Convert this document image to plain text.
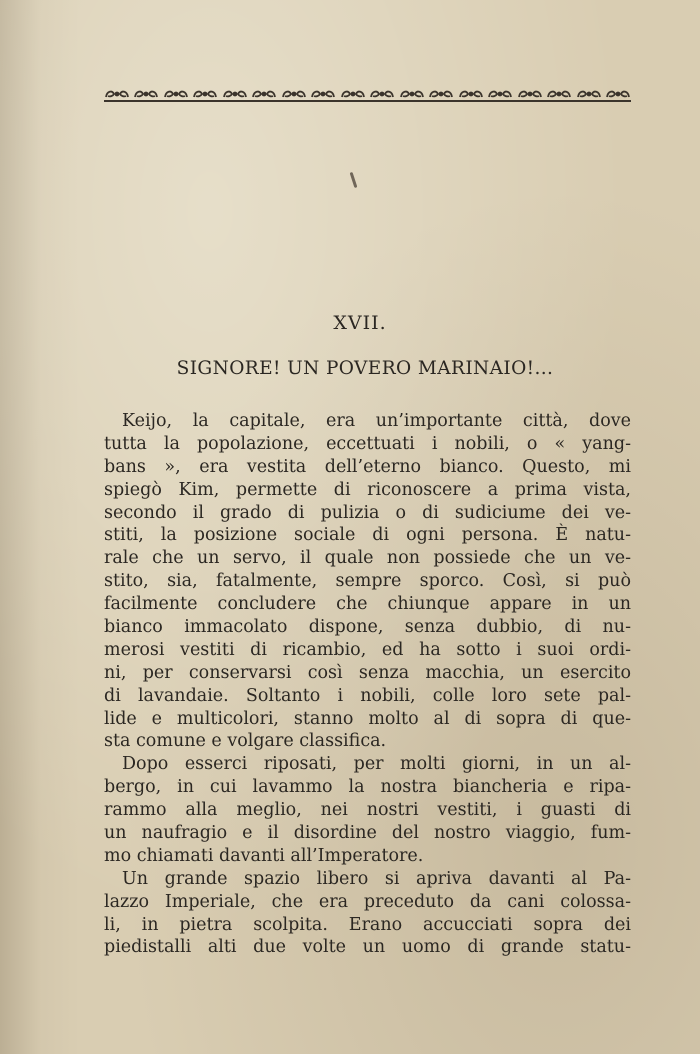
XVII.
SIGNORE! UN POVERO MARINAIO!...
Keijo, la capitale, era un’importante città, dove
tutta la popolazione, eccettuati i nobili, o « yang-
bans », era vestita dell’eterno bianco. Questo, mi
spiegò Kim, permette di riconoscere a prima vista,
secondo il grado di pulizia o di sudiciume dei ve-
stiti, la posizione sociale di ogni persona. È natu-
rale che un servo, il quale non possiede che un ve-
stito, sia, fatalmente, sempre sporco. Così, si può
facilmente concludere che chiunque appare in un
bianco immacolato dispone, senza dubbio, di nu-
merosi vestiti di ricambio, ed ha sotto i suoi ordi-
ni, per conservarsi così senza macchia, un esercito
di lavandaie. Soltanto i nobili, colle loro sete pal-
lide e multicolori, stanno molto al di sopra di que-
sta comune e volgare classifica.
Dopo esserci riposati, per molti giorni, in un al-
bergo, in cui lavammo la nostra biancheria e ripa-
rammo alla meglio, nei nostri vestiti, i guasti di
un naufragio e il disordine del nostro viaggio, fum-
mo chiamati davanti all’Imperatore.
Un grande spazio libero si apriva davanti al Pa-
lazzo Imperiale, che era preceduto da cani colossa-
li, in pietra scolpita. Erano accucciati sopra dei
piedistalli alti due volte un uomo di grande statu-
